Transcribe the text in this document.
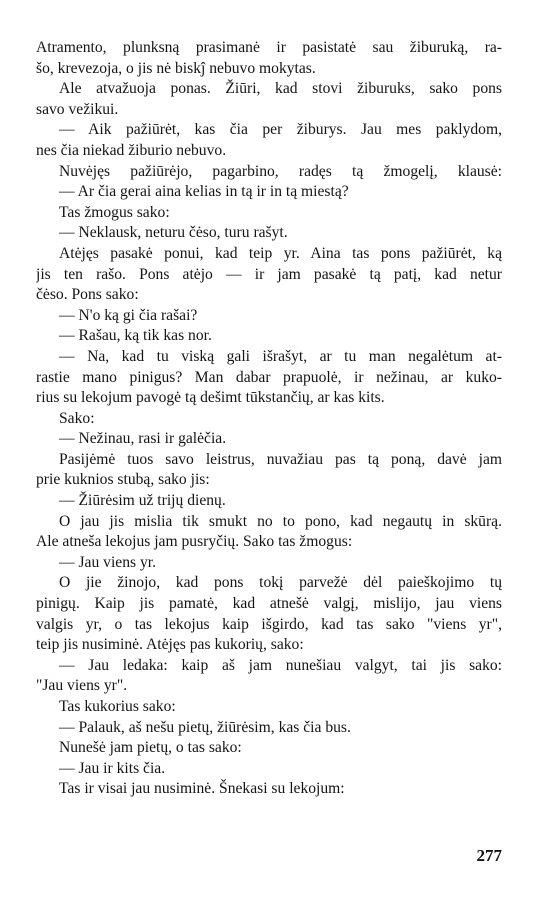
Atramento, plunksną prasimanė ir pasistatė sau žiburuką, ra-
šo, krevezoja, o jis nė biskĵ nebuvo mokytas.
Ale atvažuoja ponas. Žiūri, kad stovi žiburuks, sako pons
savo vežikui.
— Aik pažiūrėt, kas čia per žiburys. Jau mes paklydom,
nes čia niekad žiburio nebuvo.
Nuvėjęs pažiūrėjo, pagarbino, radęs tą žmogelį, klausė:
— Ar čia gerai aina kelias in tą ir in tą miestą?
Tas žmogus sako:
— Neklausk, neturu čėso, turu rašyt.
Atėjęs pasakė ponui, kad teip yr. Aina tas pons pažiūrėt, ką
jis ten rašo. Pons atėjo — ir jam pasakė tą patį, kad netur
čėso. Pons sako:
— N'o ką gi čia rašai?
— Rašau, ką tik kas nor.
— Na, kad tu viską gali išrašyt, ar tu man negalėtum at-
rastie mano pinigus? Man dabar prapuolė, ir nežinau, ar kuko-
rius su lekojum pavogė tą dešimt tūkstančių, ar kas kits.
Sako:
— Nežinau, rasi ir galėčia.
Pasijėmė tuos savo leistrus, nuvažiau pas tą poną, davė jam
prie kuknios stubą, sako jis:
— Žiūrėsim už trijų dienų.
O jau jis mislia tik smukt no to pono, kad negautų in skūrą.
Ale atneša lekojus jam pusryčių. Sako tas žmogus:
— Jau viens yr.
O jie žinojo, kad pons tokį parvežė dėl paieškojimo tų
pinigų. Kaip jis pamatė, kad atnešė valgį, mislijo, jau viens
valgis yr, o tas lekojus kaip išgirdo, kad tas sako "viens yr",
teip jis nusiminė. Atėjęs pas kukorių, sako:
— Jau ledaka: kaip aš jam nunešiau valgyt, tai jis sako:
"Jau viens yr".
Tas kukorius sako:
— Palauk, aš nešu pietų, žiūrėsim, kas čia bus.
Nunešė jam pietų, o tas sako:
— Jau ir kits čia.
Tas ir visai jau nusiminė. Šnekasi su lekojum:
277
